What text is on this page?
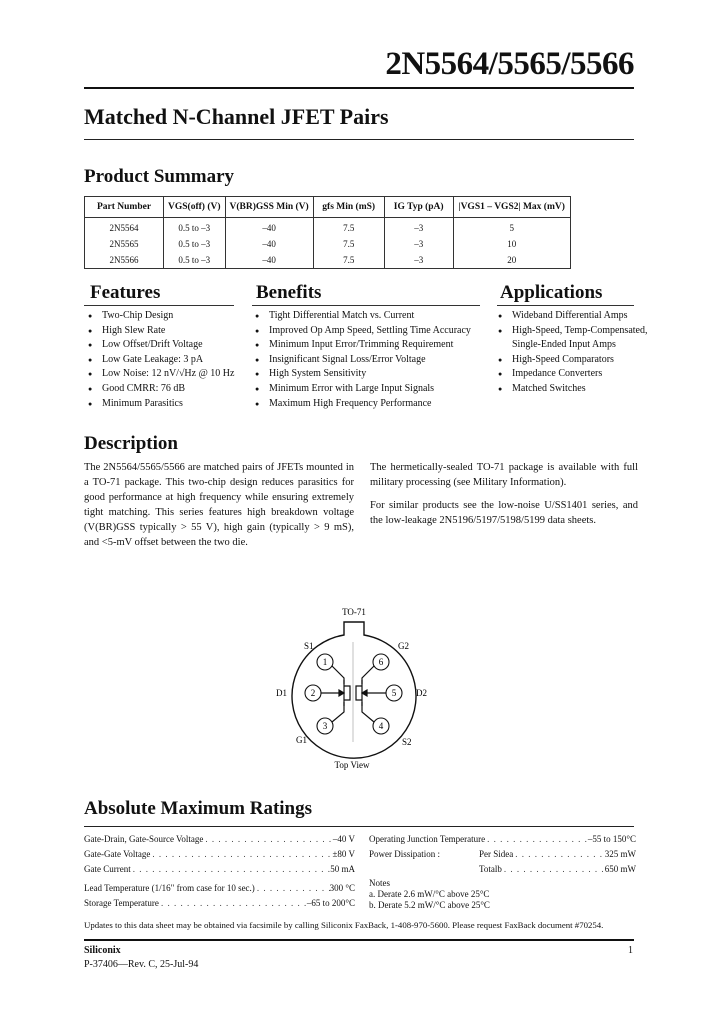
2N5564/5565/5566
Matched N-Channel JFET Pairs
Product Summary
Part Number	VGS(off) (V)	V(BR)GSS Min (V)	gfs Min (mS)	IG Typ (pA)	|VGS1 – VGS2| Max (mV)
2N5564	0.5 to –3	–40	7.5	–3	5
2N5565	0.5 to –3	–40	7.5	–3	10
2N5566	0.5 to –3	–40	7.5	–3	20
Features
● Two-Chip Design
● High Slew Rate
● Low Offset/Drift Voltage
● Low Gate Leakage: 3 pA
● Low Noise: 12 nV/√Hz @ 10 Hz
● Good CMRR: 76 dB
● Minimum Parasitics
Benefits
● Tight Differential Match vs. Current
● Improved Op Amp Speed, Settling Time Accuracy
● Minimum Input Error/Trimming Requirement
● Insignificant Signal Loss/Error Voltage
● High System Sensitivity
● Minimum Error with Large Input Signals
● Maximum High Frequency Performance
Applications
● Wideband Differential Amps
● High-Speed, Temp-Compensated,
Single-Ended Input Amps
● High-Speed Comparators
● Impedance Converters
● Matched Switches
Description

The 2N5564/5565/5566 are matched pairs of JFETs mounted in a TO-71 package. This two-chip design reduces parasitics for good performance at high frequency while ensuring extremely tight matching. This series features high breakdown voltage (V(BR)GSS typically > 55 V), high gain (typically > 9 mS), and <5-mV offset between the two die.

The hermetically-sealed TO-71 package is available with full military processing (see Military Information).

For similar products see the low-noise U/SS1401 series, and the low-leakage 2N5196/5197/5198/5199 data sheets.

TO-71
S1	G2
D1	D2
G1	S2
1
2
3	4
5
6
Top View
Absolute Maximum Ratings
Gate-Drain, Gate-Source Voltage . . .	–40 V
Gate-Gate Voltage . . .	±80 V
Gate Current . . .	50 mA
Lead Temperature (1/16" from case for 10 sec.) . . .	300 °C
Storage Temperature . . .	–65 to 200°C
Operating Junction Temperature . . .	–55 to 150°C
Power Dissipation :	Per Sidea . . .	325 mW
Totalb . . .	650 mW
Notes
a. Derate 2.6 mW/°C above 25°C
b. Derate 5.2 mW/°C above 25°C
Updates to this data sheet may be obtained via facsimile by calling Siliconix FaxBack, 1-408-970-5600. Please request FaxBack document #70254.
Siliconix
P-37406—Rev. C, 25-Jul-94
1
